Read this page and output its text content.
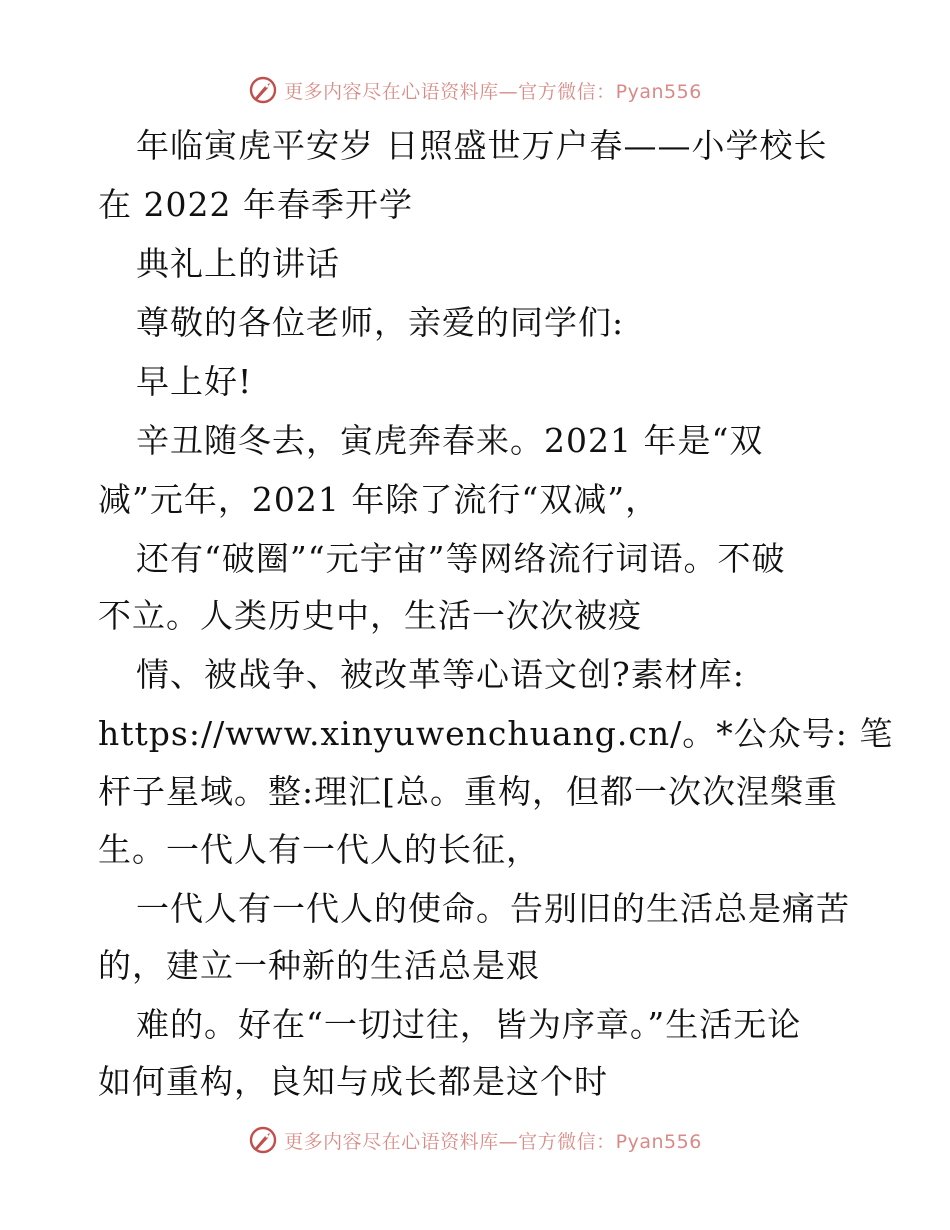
更多内容尽在心语资料库—官方微信：Pyan556
年临寅虎平安岁 日照盛世万户春——小学校长
在 2022 年春季开学
典礼上的讲话
尊敬的各位老师，亲爱的同学们:
早上好!
辛丑随冬去，寅虎奔春来。2021 年是“双
减”元年，2021 年除了流行“双减”，
还有“破圈”“元宇宙”等网络流行词语。不破
不立。人类历史中，生活一次次被疫
情、被战争、被改革等心语文创?素材库:
https://www.xinyuwenchuang.cn/。*公众号: 笔
杆子星域。整:理汇[总。重构，但都一次次涅槃重
生。一代人有一代人的长征，
一代人有一代人的使命。告别旧的生活总是痛苦
的，建立一种新的生活总是艰
难的。好在“一切过往，皆为序章。”生活无论
如何重构，良知与成长都是这个时
更多内容尽在心语资料库—官方微信：Pyan556
